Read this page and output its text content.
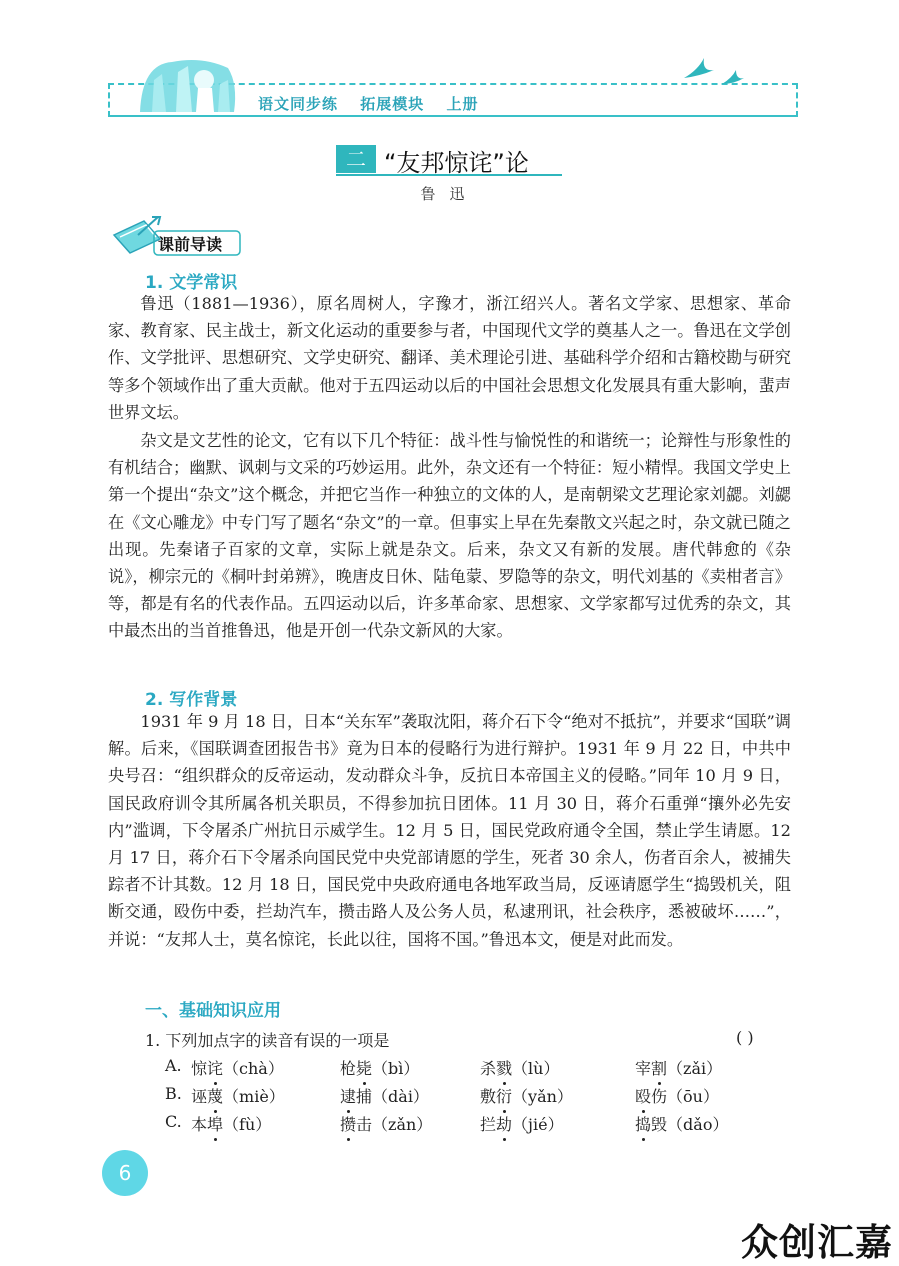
语文同步练 拓展模块 上册
二 “友邦惊诧”论
鲁迅
课前导读
1. 文学常识

鲁迅（1881—1936），原名周树人，字豫才，浙江绍兴人。著名文学家、思想家、革命家、教育家、民主战士，新文化运动的重要参与者，中国现代文学的奠基人之一。鲁迅在文学创作、文学批评、思想研究、文学史研究、翻译、美术理论引进、基础科学介绍和古籍校勘与研究等多个领域作出了重大贡献。他对于五四运动以后的中国社会思想文化发展具有重大影响，蜚声世界文坛。

杂文是文艺性的论文，它有以下几个特征：战斗性与愉悦性的和谐统一；论辩性与形象性的有机结合；幽默、讽刺与文采的巧妙运用。此外，杂文还有一个特征：短小精悍。我国文学史上第一个提出“杂文”这个概念，并把它当作一种独立的文体的人，是南朝梁文艺理论家刘勰。刘勰在《文心雕龙》中专门写了题名“杂文”的一章。但事实上早在先秦散文兴起之时，杂文就已随之出现。先秦诸子百家的文章，实际上就是杂文。后来，杂文又有新的发展。唐代韩愈的《杂说》，柳宗元的《桐叶封弟辨》，晚唐皮日休、陆龟蒙、罗隐等的杂文，明代刘基的《卖柑者言》等，都是有名的代表作品。五四运动以后，许多革命家、思想家、文学家都写过优秀的杂文，其中最杰出的当首推鲁迅，他是开创一代杂文新风的大家。

2. 写作背景

1931 年 9 月 18 日，日本“关东军”袭取沈阳，蒋介石下令“绝对不抵抗”，并要求“国联”调解。后来，《国联调查团报告书》竟为日本的侵略行为进行辩护。1931 年 9 月 22 日，中共中央号召：“组织群众的反帝运动，发动群众斗争，反抗日本帝国主义的侵略。”同年 10 月 9 日，国民政府训令其所属各机关职员，不得参加抗日团体。11 月 30 日，蒋介石重弹“攘外必先安内”滥调，下令屠杀广州抗日示威学生。12 月 5 日，国民党政府通令全国，禁止学生请愿。12 月 17 日，蒋介石下令屠杀向国民党中央党部请愿的学生，死者 30 余人，伤者百余人，被捕失踪者不计其数。12 月 18 日，国民党中央政府通电各地军政当局，反诬请愿学生“捣毁机关，阻断交通，殴伤中委，拦劫汽车，攒击路人及公务人员，私逮刑讯，社会秩序，悉被破坏……”，并说：“友邦人士，莫名惊诧，长此以往，国将不国。”鲁迅本文，便是对此而发。

一、基础知识应用
1. 下列加点字的读音有误的一项是	( )
A. 惊诧（chà）	枪毙（bì）	杀戮（lù）	宰割（zǎi）
B. 诬蔑（miè）	逮捕（dài）	敷衍（yǎn）	殴伤（ōu）
C. 本埠（fù）	攒击（zǎn）	拦劫（jié）	捣毁（dǎo）
6
众创汇嘉
